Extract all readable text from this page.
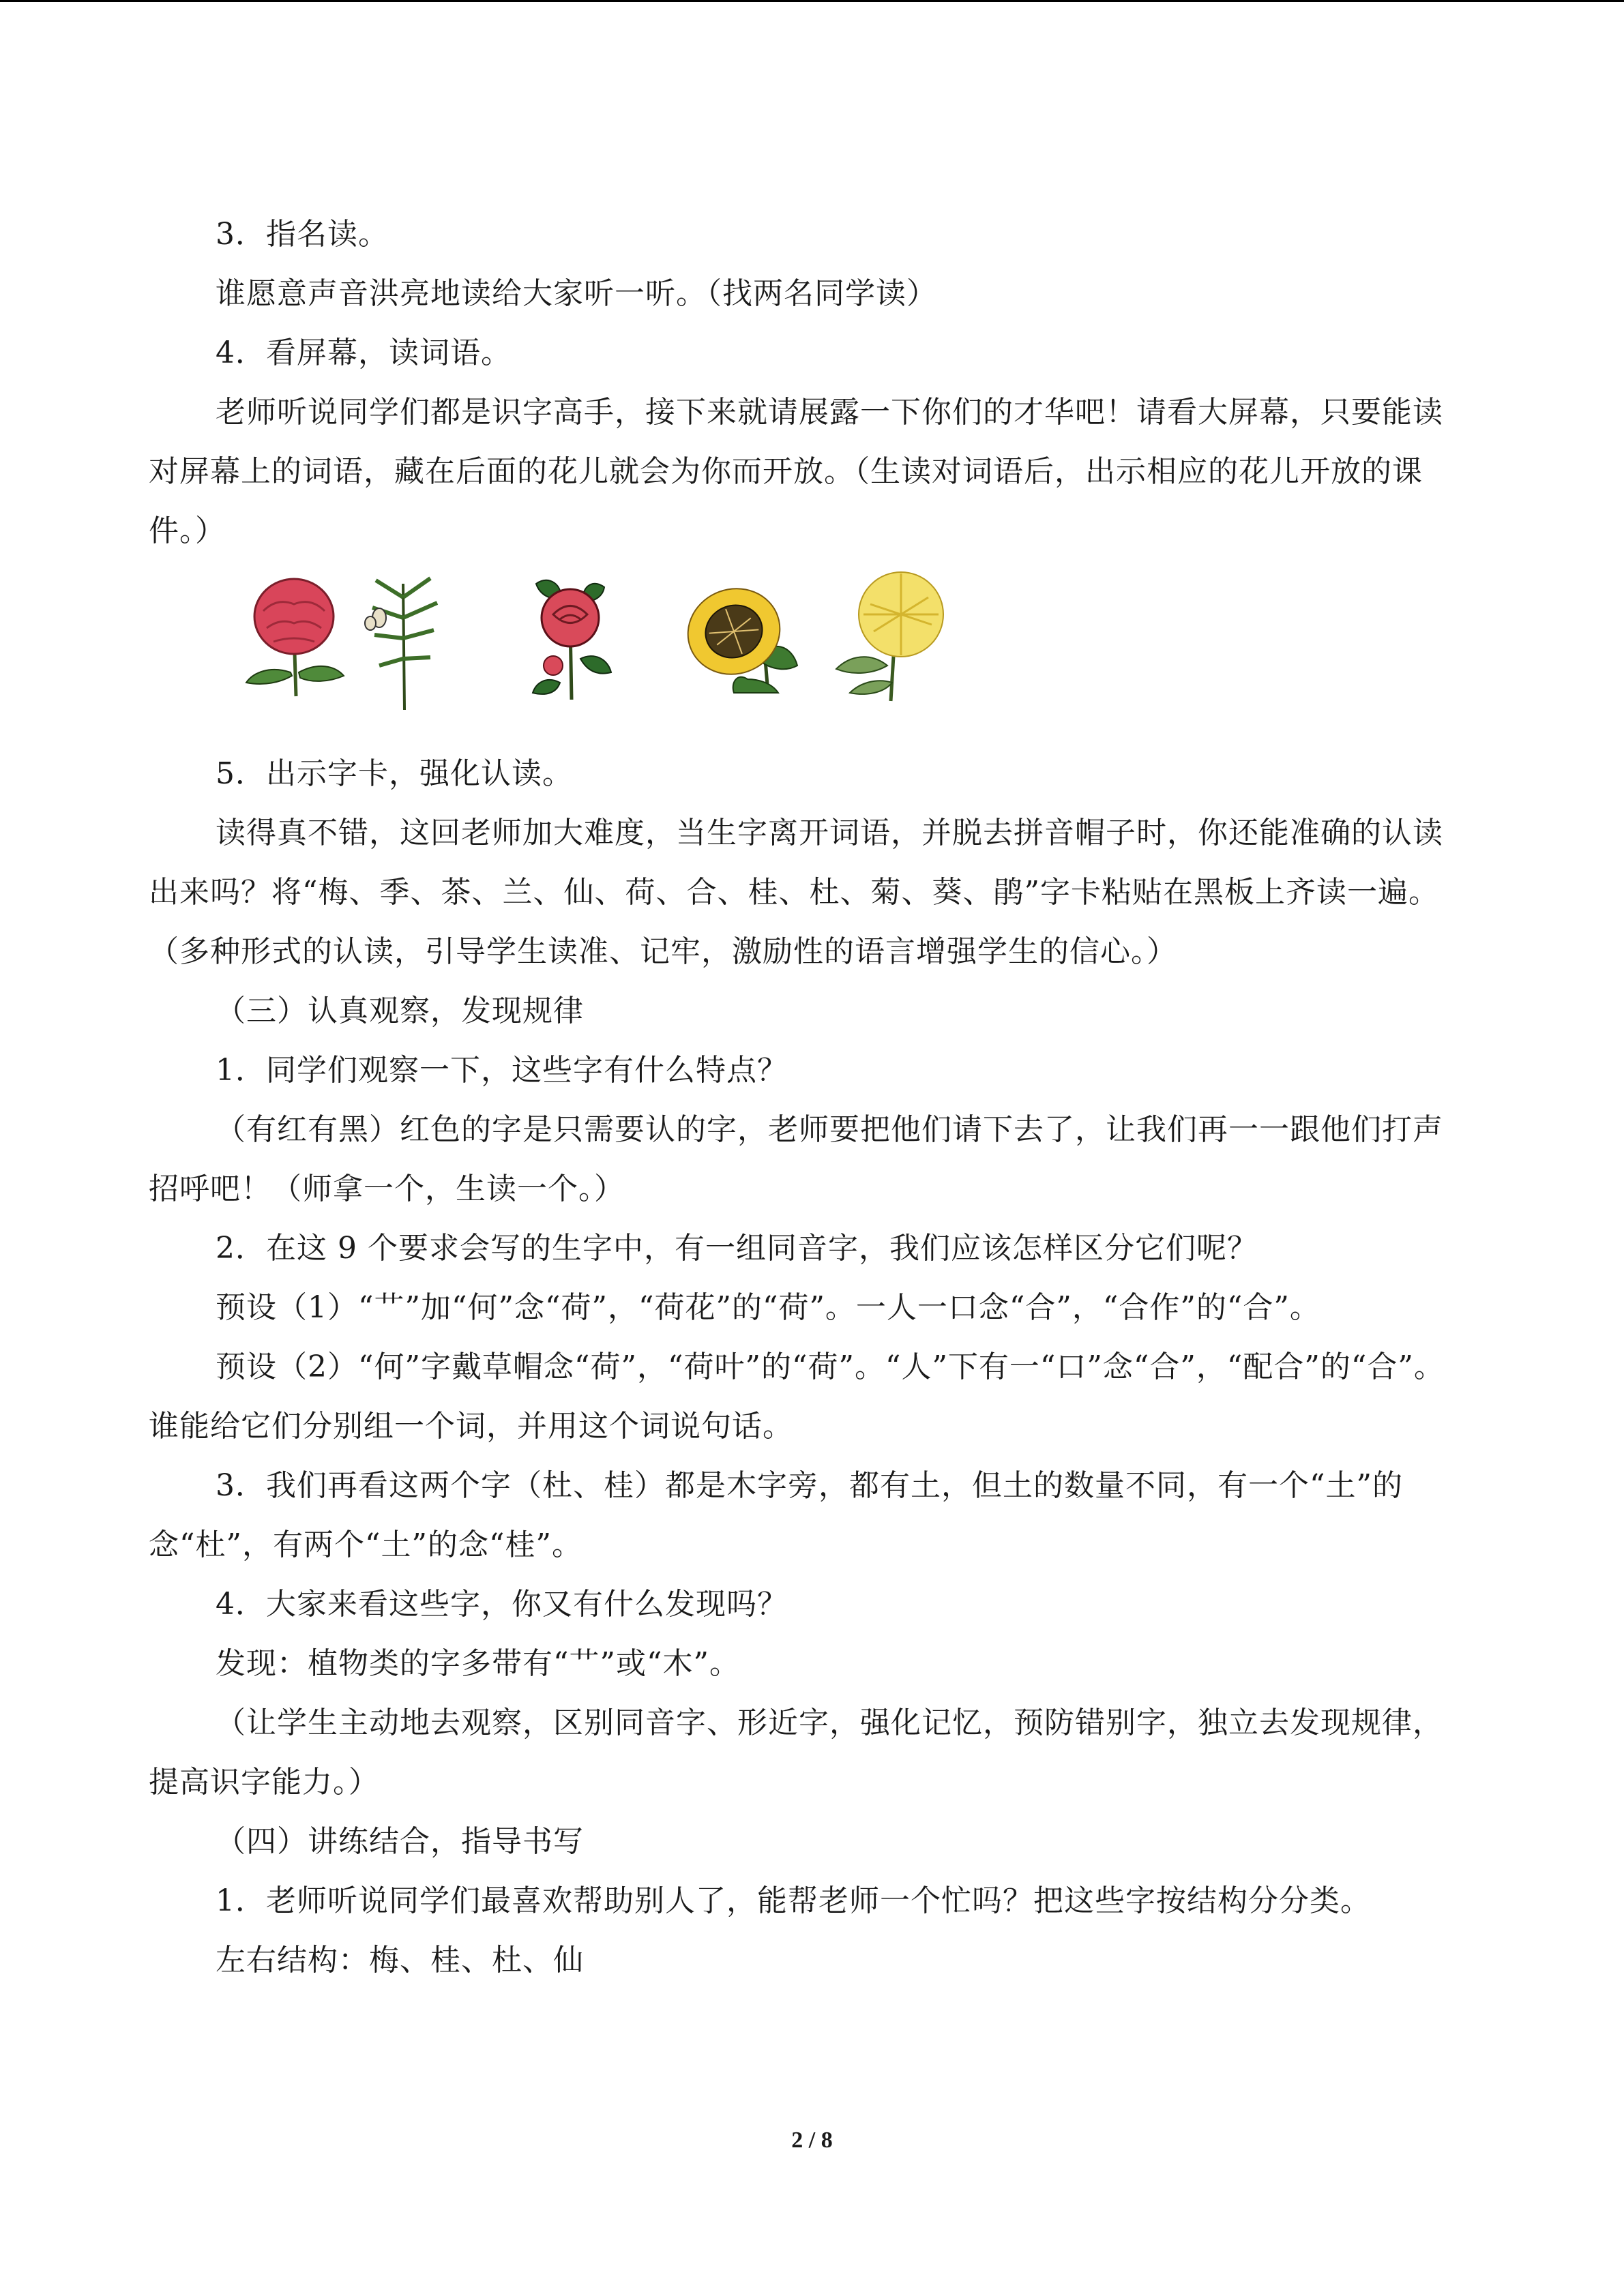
3．指名读。

谁愿意声音洪亮地读给大家听一听。（找两名同学读）

4．看屏幕，读词语。

老师听说同学们都是识字高手，接下来就请展露一下你们的才华吧！请看大屏幕，只要能读对屏幕上的词语，藏在后面的花儿就会为你而开放。（生读对词语后，出示相应的花儿开放的课件。）

5．出示字卡，强化认读。

读得真不错，这回老师加大难度，当生字离开词语，并脱去拼音帽子时，你还能准确的认读出来吗？将“梅、季、茶、兰、仙、荷、合、桂、杜、菊、葵、鹃”字卡粘贴在黑板上齐读一遍。（多种形式的认读，引导学生读准、记牢，激励性的语言增强学生的信心。）

（三）认真观察，发现规律

1．同学们观察一下，这些字有什么特点？

（有红有黑）红色的字是只需要认的字，老师要把他们请下去了，让我们再一一跟他们打声招呼吧！（师拿一个，生读一个。）

2．在这 9 个要求会写的生字中，有一组同音字，我们应该怎样区分它们呢？

预设（1）“艹”加“何”念“荷”，“荷花”的“荷”。一人一口念“合”，“合作”的“合”。

预设（2）“何”字戴草帽念“荷”，“荷叶”的“荷”。“人”下有一“口”念“合”，“配合”的“合”。谁能给它们分别组一个词，并用这个词说句话。

3．我们再看这两个字（杜、桂）都是木字旁，都有土，但土的数量不同，有一个“土”的念“杜”，有两个“土”的念“桂”。

4．大家来看这些字，你又有什么发现吗？

发现：植物类的字多带有“艹”或“木”。

（让学生主动地去观察，区别同音字、形近字，强化记忆，预防错别字，独立去发现规律，提高识字能力。）

（四）讲练结合，指导书写

1．老师听说同学们最喜欢帮助别人了，能帮老师一个忙吗？把这些字按结构分分类。

左右结构：梅、桂、杜、仙

2 / 8
